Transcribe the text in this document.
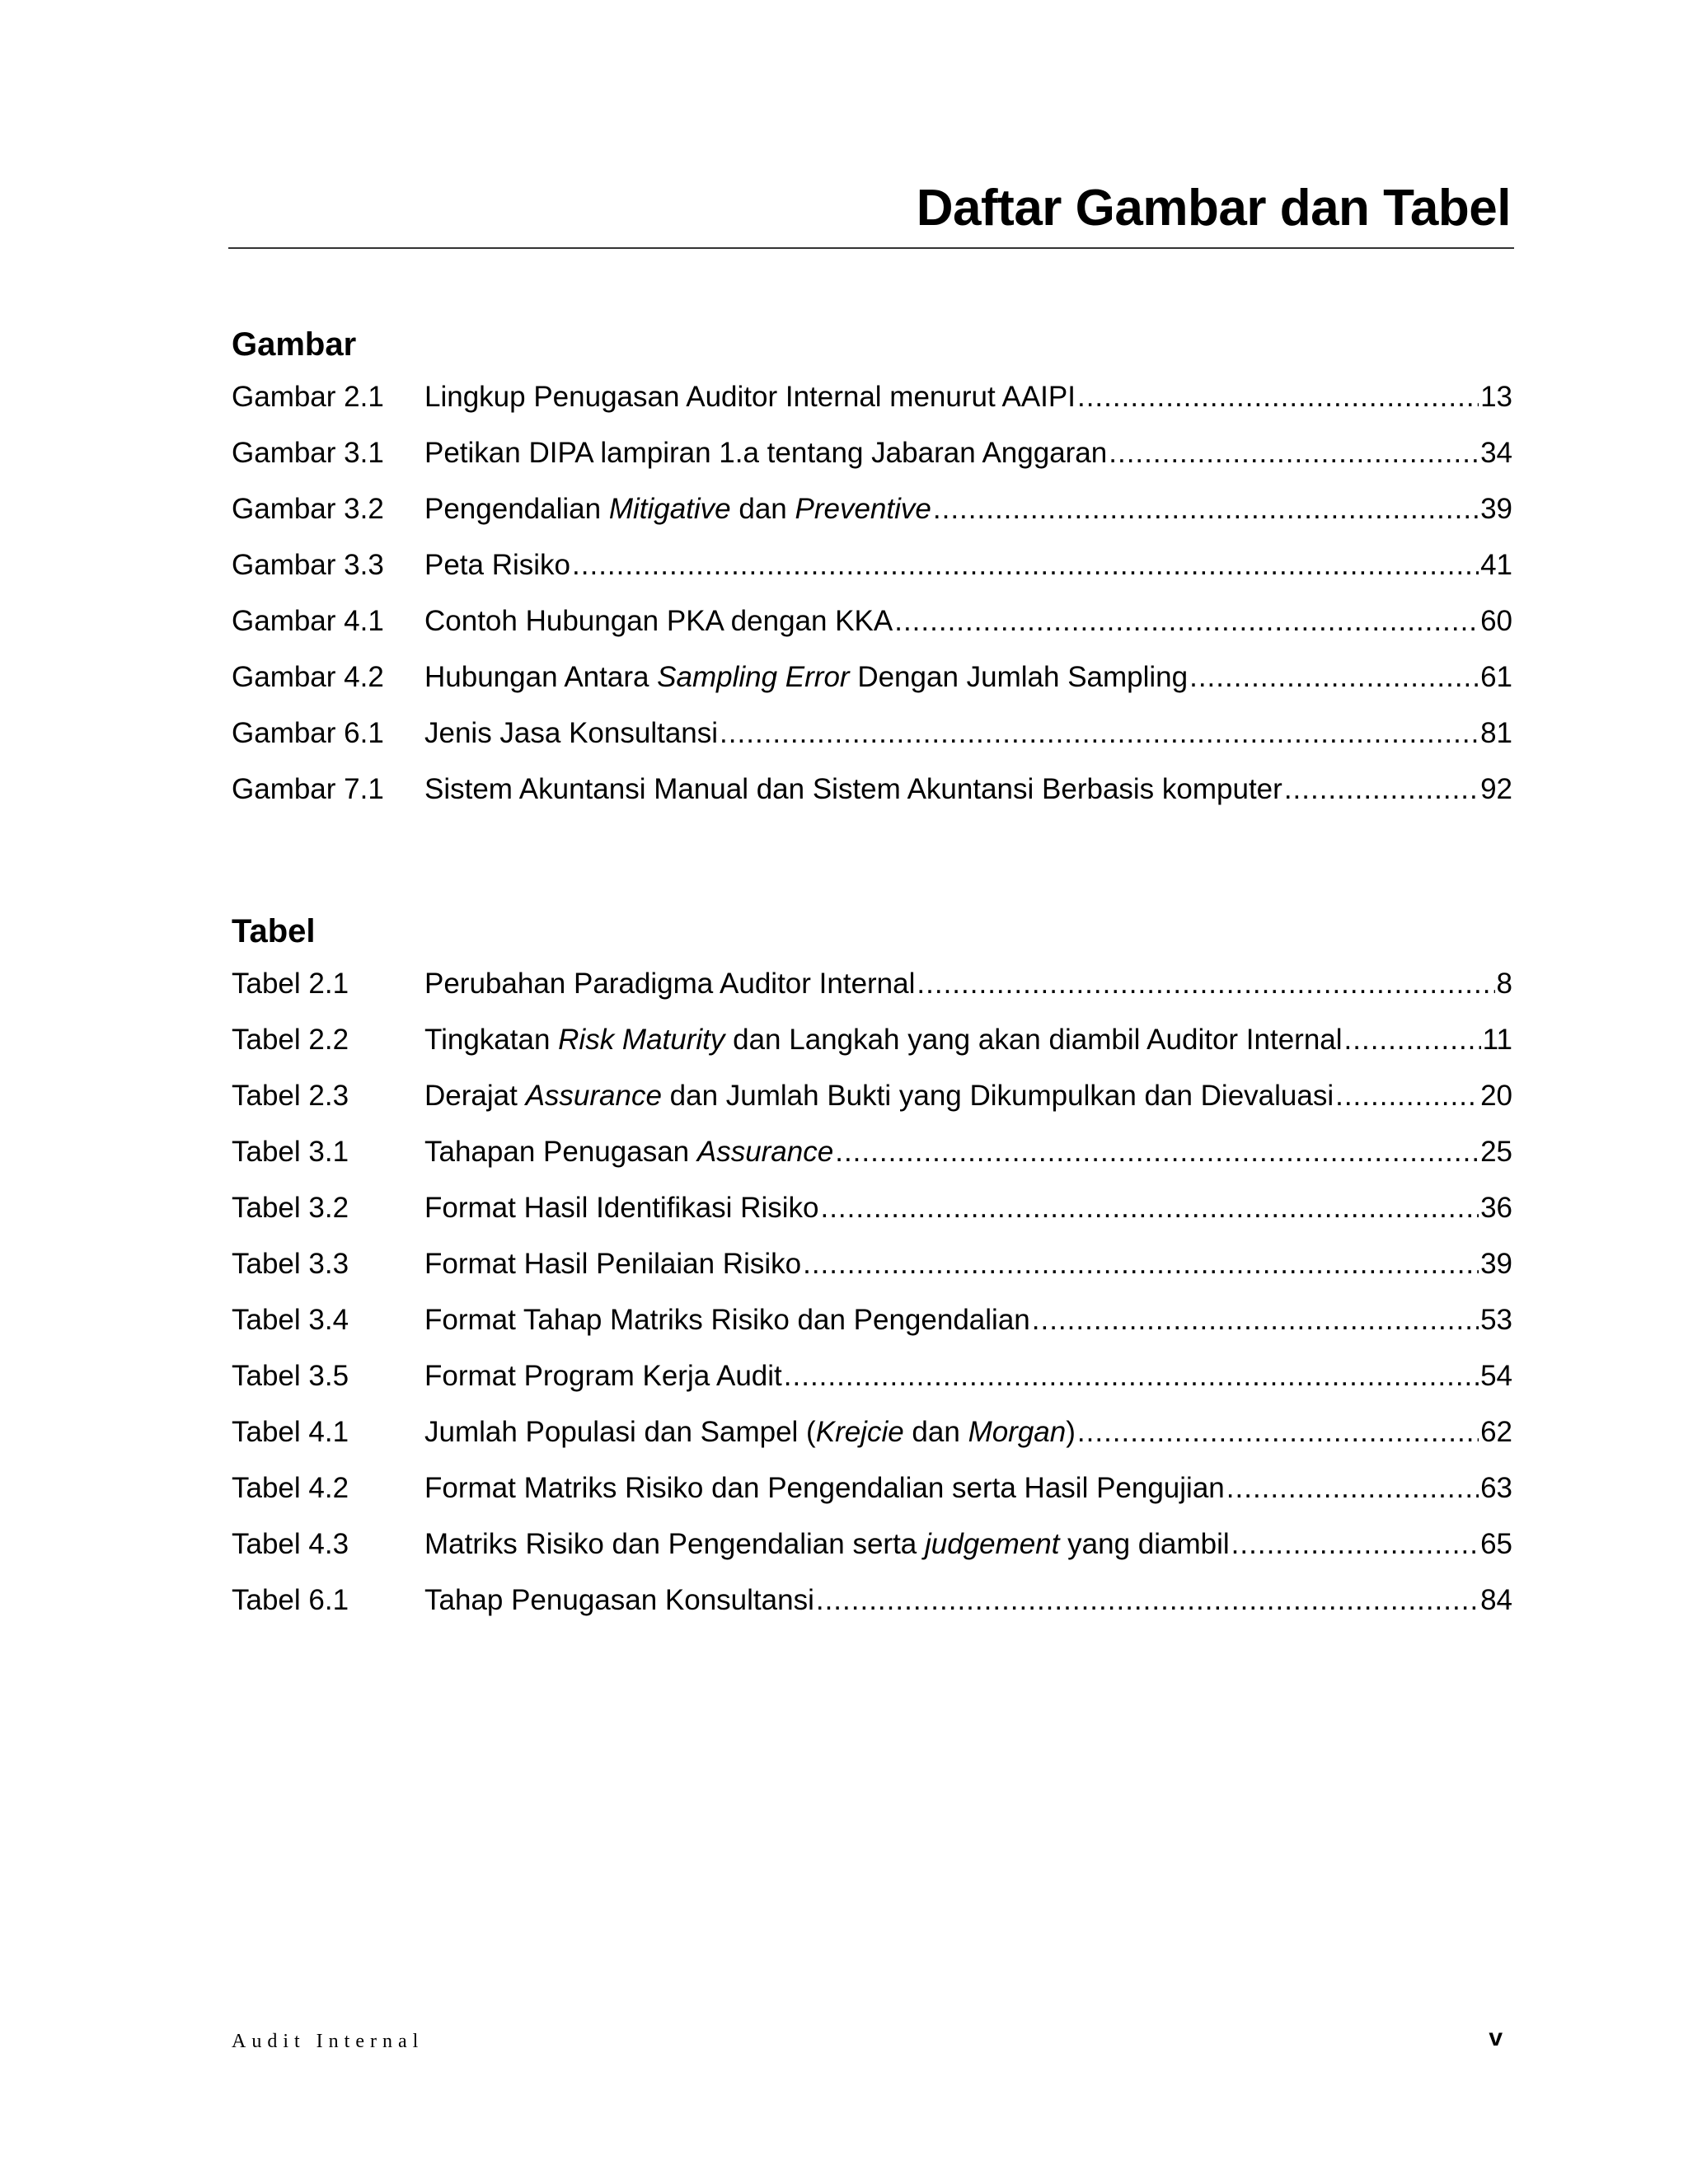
Daftar Gambar dan Tabel
Gambar
Gambar 2.1	Lingkup Penugasan Auditor Internal menurut AAIPI .....	13
Gambar 3.1	Petikan DIPA lampiran 1.a tentang Jabaran Anggaran .....	34
Gambar 3.2	Pengendalian Mitigative dan Preventive .....	39
Gambar 3.3	Peta Risiko .....	41
Gambar 4.1	Contoh Hubungan PKA dengan KKA .....	60
Gambar 4.2	Hubungan Antara Sampling Error Dengan Jumlah Sampling .....	61
Gambar 6.1	Jenis Jasa Konsultansi .....	81
Gambar 7.1	Sistem Akuntansi Manual dan Sistem Akuntansi Berbasis komputer .....	92
Tabel
Tabel 2.1	Perubahan Paradigma Auditor Internal .....	8
Tabel 2.2	Tingkatan Risk Maturity dan Langkah yang akan diambil Auditor Internal .....	11
Tabel 2.3	Derajat Assurance dan Jumlah Bukti yang Dikumpulkan dan Dievaluasi .....	20
Tabel 3.1	Tahapan Penugasan Assurance .....	25
Tabel 3.2	Format Hasil Identifikasi Risiko .....	36
Tabel 3.3	Format Hasil Penilaian Risiko .....	39
Tabel 3.4	Format Tahap Matriks Risiko dan Pengendalian .....	53
Tabel 3.5	Format Program Kerja Audit .....	54
Tabel 4.1	Jumlah Populasi dan Sampel (Krejcie dan Morgan) .....	62
Tabel 4.2	Format Matriks Risiko dan Pengendalian serta Hasil Pengujian .....	63
Tabel 4.3	Matriks Risiko dan Pengendalian serta judgement yang diambil .....	65
Tabel 6.1	Tahap Penugasan Konsultansi .....	84
Audit Internal	v
